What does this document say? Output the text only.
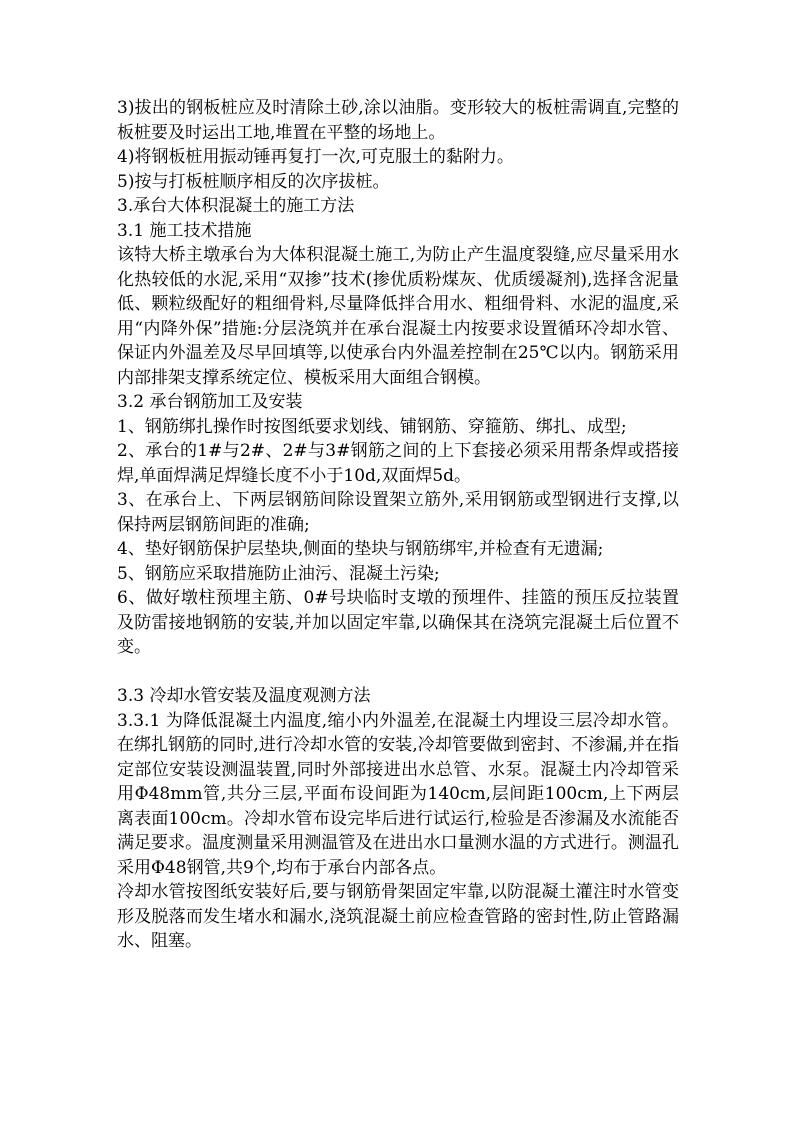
3)拔出的钢板桩应及时清除土砂,涂以油脂。变形较大的板桩需调直,完整的板桩要及时运出工地,堆置在平整的场地上。

4)将钢板桩用振动锤再复打一次,可克服土的黏附力。

5)按与打板桩顺序相反的次序拔桩。

3.承台大体积混凝土的施工方法

3.1 施工技术措施

该特大桥主墩承台为大体积混凝土施工,为防止产生温度裂缝,应尽量采用水化热较低的水泥,采用“双掺”技术(掺优质粉煤灰、优质缓凝剂),选择含泥量低、颗粒级配好的粗细骨料,尽量降低拌合用水、粗细骨料、水泥的温度,采用“内降外保”措施:分层浇筑并在承台混凝土内按要求设置循环冷却水管、保证内外温差及尽早回填等,以使承台内外温差控制在25℃以内。钢筋采用内部排架支撑系统定位、模板采用大面组合钢模。

3.2 承台钢筋加工及安装

1、钢筋绑扎操作时按图纸要求划线、铺钢筋、穿箍筋、绑扎、成型;

2、承台的1#与2#、2#与3#钢筋之间的上下套接必须采用帮条焊或搭接焊,单面焊满足焊缝长度不小于10d,双面焊5d。

3、在承台上、下两层钢筋间除设置架立筋外,采用钢筋或型钢进行支撑,以保持两层钢筋间距的准确;

4、垫好钢筋保护层垫块,侧面的垫块与钢筋绑牢,并检查有无遗漏;

5、钢筋应采取措施防止油污、混凝土污染;

6、做好墩柱预埋主筋、0#号块临时支墩的预埋件、挂篮的预压反拉装置及防雷接地钢筋的安装,并加以固定牢靠,以确保其在浇筑完混凝土后位置不变。

3.3 冷却水管安装及温度观测方法

3.3.1 为降低混凝土内温度,缩小内外温差,在混凝土内埋设三层冷却水管。在绑扎钢筋的同时,进行冷却水管的安装,冷却管要做到密封、不渗漏,并在指定部位安装设测温装置,同时外部接进出水总管、水泵。混凝土内冷却管采用Φ48mm管,共分三层,平面布设间距为140cm,层间距100cm,上下两层离表面100cm。冷却水管布设完毕后进行试运行,检验是否渗漏及水流能否满足要求。温度测量采用测温管及在进出水口量测水温的方式进行。测温孔采用Φ48钢管,共9个,均布于承台内部各点。

冷却水管按图纸安装好后,要与钢筋骨架固定牢靠,以防混凝土灌注时水管变形及脱落而发生堵水和漏水,浇筑混凝土前应检查管路的密封性,防止管路漏水、阻塞。
